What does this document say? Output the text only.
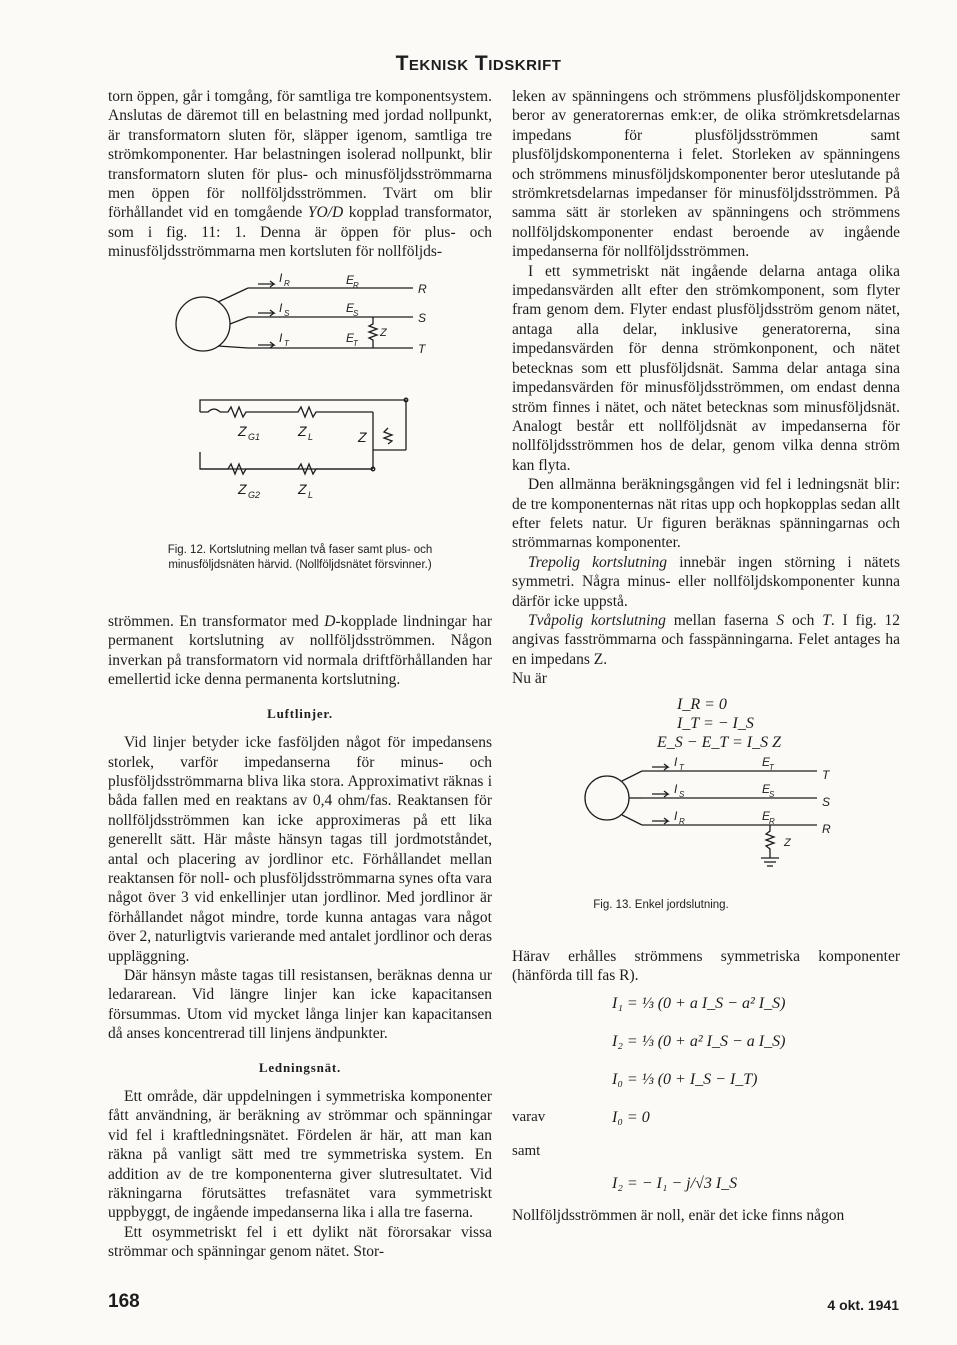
Teknisk Tidskrift

torn öppen, går i tomgång, för samtliga tre komponentsystem. Anslutas de däremot till en belastning med jordad nollpunkt, är transformatorn sluten för, släpper igenom, samtliga tre strömkomponenter. Har belastningen isolerad nollpunkt, blir transformatorn sluten för plus- och minusföljdsströmmarna men öppen för nollföljdsströmmen. Tvärt om blir förhållandet vid en tomgående YO/D kopplad transformator, som i fig. 11: 1. Denna är öppen för plus- och minusföljdsströmmarna men kortsluten för nollföljds-

I R
I S
I T
E
R
E
S
E
T
Z
R
S
T
Z G1	Z L	Z
Z G2	Z L
Fig. 12. Kortslutning mellan två faser samt plus- och minusföljdsnäten härvid. (Nollföljdsnätet försvinner.)

strömmen. En transformator med D-kopplade lindningar har permanent kortslutning av nollföljdsströmmen. Någon inverkan på transformatorn vid normala driftförhållanden har emellertid icke denna permanenta kortslutning.

Luftlinjer.

Vid linjer betyder icke fasföljden något för impedansens storlek, varför impedanserna för minus- och plusföljdsströmmarna bliva lika stora. Approximativt räknas i båda fallen med en reaktans av 0,4 ohm/fas. Reaktansen för nollföljdsströmmen kan icke approximeras på ett lika generellt sätt. Här måste hänsyn tagas till jordmotståndet, antal och placering av jordlinor etc. Förhållandet mellan reaktansen för noll- och plusföljdsströmmarna synes ofta vara något över 3 vid enkellinjer utan jordlinor. Med jordlinor är förhållandet något mindre, torde kunna antagas vara något över 2, naturligtvis varierande med antalet jordlinor och deras uppläggning.

Där hänsyn måste tagas till resistansen, beräknas denna ur ledararean. Vid längre linjer kan icke kapacitansen försummas. Utom vid mycket långa linjer kan kapacitansen då anses koncentrerad till linjens ändpunkter.

Ledningsnät.

Ett område, där uppdelningen i symmetriska komponenter fått användning, är beräkning av strömmar och spänningar vid fel i kraftledningsnätet. Fördelen är här, att man kan räkna på vanligt sätt med tre symmetriska system. En addition av de tre komponenterna giver slutresultatet. Vid räkningarna förutsättes trefasnätet vara symmetriskt uppbyggt, de ingående impedanserna lika i alla tre faserna.

Ett osymmetriskt fel i ett dylikt nät förorsakar vissa strömmar och spänningar genom nätet. Stor-

leken av spänningens och strömmens plusföljdskomponenter beror av generatorernas emk:er, de olika strömkretsdelarnas impedans för plusföljdsströmmen samt plusföljdskomponenterna i felet. Storleken av spänningens och strömmens minusföljdskomponenter beror uteslutande på strömkretsdelarnas impedanser för minusföljdsströmmen. På samma sätt är storleken av spänningens och strömmens nollföljdskomponenter endast beroende av ingående impedanserna för nollföljdsströmmen.

I ett symmetriskt nät ingående delarna antaga olika impedansvärden allt efter den strömkomponent, som flyter fram genom dem. Flyter endast plusföljdsström genom nätet, antaga alla delar, inklusive generatorerna, sina impedansvärden för denna strömkonponent, och nätet betecknas som ett plusföljdsnät. Samma delar antaga sina impedansvärden för minusföljdsströmmen, om endast denna ström finnes i nätet, och nätet betecknas som minusföljdsnät. Analogt består ett nollföljdsnät av impedanserna för nollföljdsströmmen hos de delar, genom vilka denna ström kan flyta.

Den allmänna beräkningsgången vid fel i ledningsnät blir: de tre komponenternas nät ritas upp och hopkopplas sedan allt efter felets natur. Ur figuren beräknas spänningarnas och strömmarnas komponenter.

Trepolig kortslutning innebär ingen störning i nätets symmetri. Några minus- eller nollföljdskomponenter kunna därför icke uppstå.

Tvåpolig kortslutning mellan faserna S och T. I fig. 12 angivas fasströmmarna och fasspänningarna. Felet antages ha en impedans Z.

Nu är

I_R = 0
I_T = − I_S
E_S − E_T = I_S Z
I T
I S
I R
E
T
E
S
E
R
Z
T
S
R
Fig. 13. Enkel jordslutning.

Härav erhålles strömmens symmetriska komponenter (hänförda till fas R).

I₁ = ⅓ (0 + a I_S − a² I_S)
I₂ = ⅓ (0 + a² I_S − a I_S)
I₀ = ⅓ (0 + I_S − I_T)
varav	I₀ = 0
samt
I₂ = − I₁ − j/√3 I_S

Nollföljdsströmmen är noll, enär det icke finns någon

168	4 okt. 1941
